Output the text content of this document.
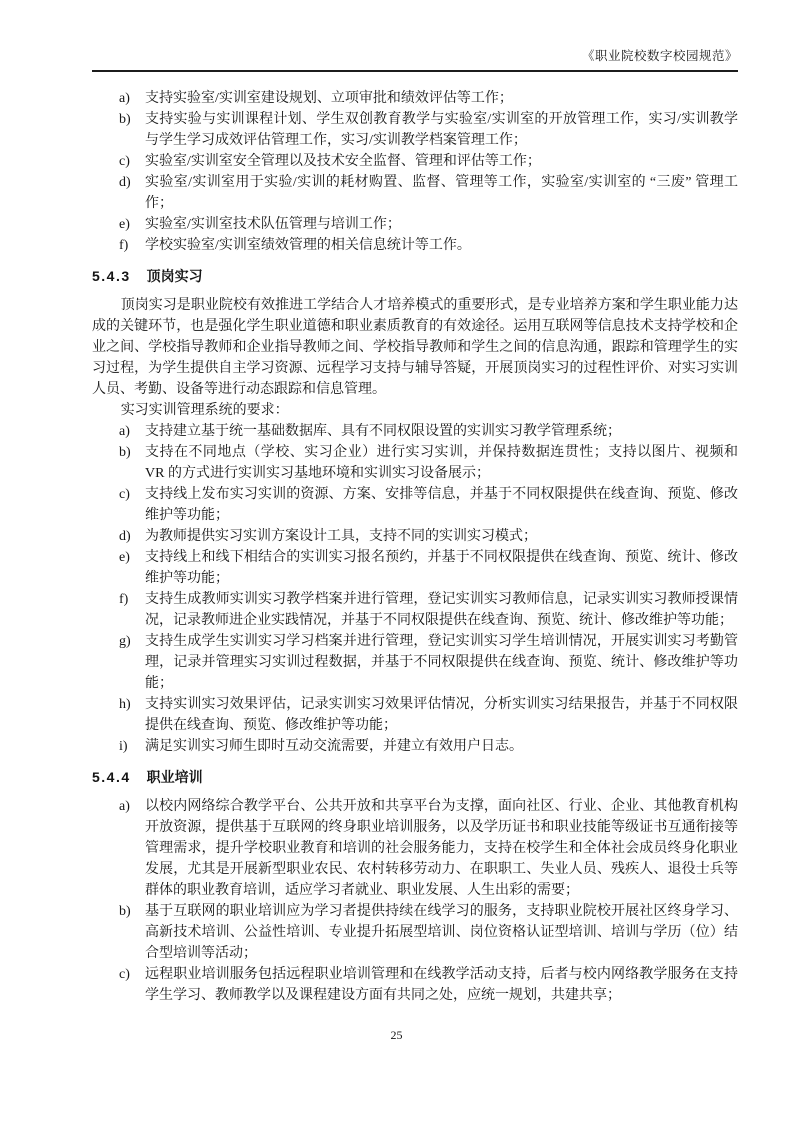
《职业院校数字校园规范》
a)	支持实验室/实训室建设规划、立项审批和绩效评估等工作；
b)	支持实验与实训课程计划、学生双创教育教学与实验室/实训室的开放管理工作，实习/实训教学与学生学习成效评估管理工作，实习/实训教学档案管理工作；
c)	实验室/实训室安全管理以及技术安全监督、管理和评估等工作；
d)	实验室/实训室用于实验/实训的耗材购置、监督、管理等工作，实验室/实训室的 “三废” 管理工作；
e)	实验室/实训室技术队伍管理与培训工作；
f)	学校实验室/实训室绩效管理的相关信息统计等工作。
5.4.3 顶岗实习
顶岗实习是职业院校有效推进工学结合人才培养模式的重要形式，是专业培养方案和学生职业能力达成的关键环节，也是强化学生职业道德和职业素质教育的有效途径。运用互联网等信息技术支持学校和企业之间、学校指导教师和企业指导教师之间、学校指导教师和学生之间的信息沟通，跟踪和管理学生的实习过程，为学生提供自主学习资源、远程学习支持与辅导答疑，开展顶岗实习的过程性评价、对实习实训人员、考勤、设备等进行动态跟踪和信息管理。
实习实训管理系统的要求：
a)	支持建立基于统一基础数据库、具有不同权限设置的实训实习教学管理系统；
b)	支持在不同地点（学校、实习企业）进行实习实训，并保持数据连贯性；支持以图片、视频和 VR 的方式进行实训实习基地环境和实训实习设备展示；
c)	支持线上发布实习实训的资源、方案、安排等信息，并基于不同权限提供在线查询、预览、修改维护等功能；
d)	为教师提供实习实训方案设计工具，支持不同的实训实习模式；
e)	支持线上和线下相结合的实训实习报名预约，并基于不同权限提供在线查询、预览、统计、修改维护等功能；
f)	支持生成教师实训实习教学档案并进行管理，登记实训实习教师信息，记录实训实习教师授课情况，记录教师进企业实践情况，并基于不同权限提供在线查询、预览、统计、修改维护等功能；
g)	支持生成学生实训实习学习档案并进行管理，登记实训实习学生培训情况，开展实训实习考勤管理，记录并管理实习实训过程数据，并基于不同权限提供在线查询、预览、统计、修改维护等功能；
h)	支持实训实习效果评估，记录实训实习效果评估情况，分析实训实习结果报告，并基于不同权限提供在线查询、预览、修改维护等功能；
i)	满足实训实习师生即时互动交流需要，并建立有效用户日志。
5.4.4 职业培训
a)	以校内网络综合教学平台、公共开放和共享平台为支撑，面向社区、行业、企业、其他教育机构开放资源，提供基于互联网的终身职业培训服务，以及学历证书和职业技能等级证书互通衔接等管理需求，提升学校职业教育和培训的社会服务能力，支持在校学生和全体社会成员终身化职业发展，尤其是开展新型职业农民、农村转移劳动力、在职职工、失业人员、残疾人、退役士兵等群体的职业教育培训，适应学习者就业、职业发展、人生出彩的需要；
b)	基于互联网的职业培训应为学习者提供持续在线学习的服务，支持职业院校开展社区终身学习、高新技术培训、公益性培训、专业提升拓展型培训、岗位资格认证型培训、培训与学历（位）结合型培训等活动；
c)	远程职业培训服务包括远程职业培训管理和在线教学活动支持，后者与校内网络教学服务在支持学生学习、教师教学以及课程建设方面有共同之处，应统一规划，共建共享；
25
